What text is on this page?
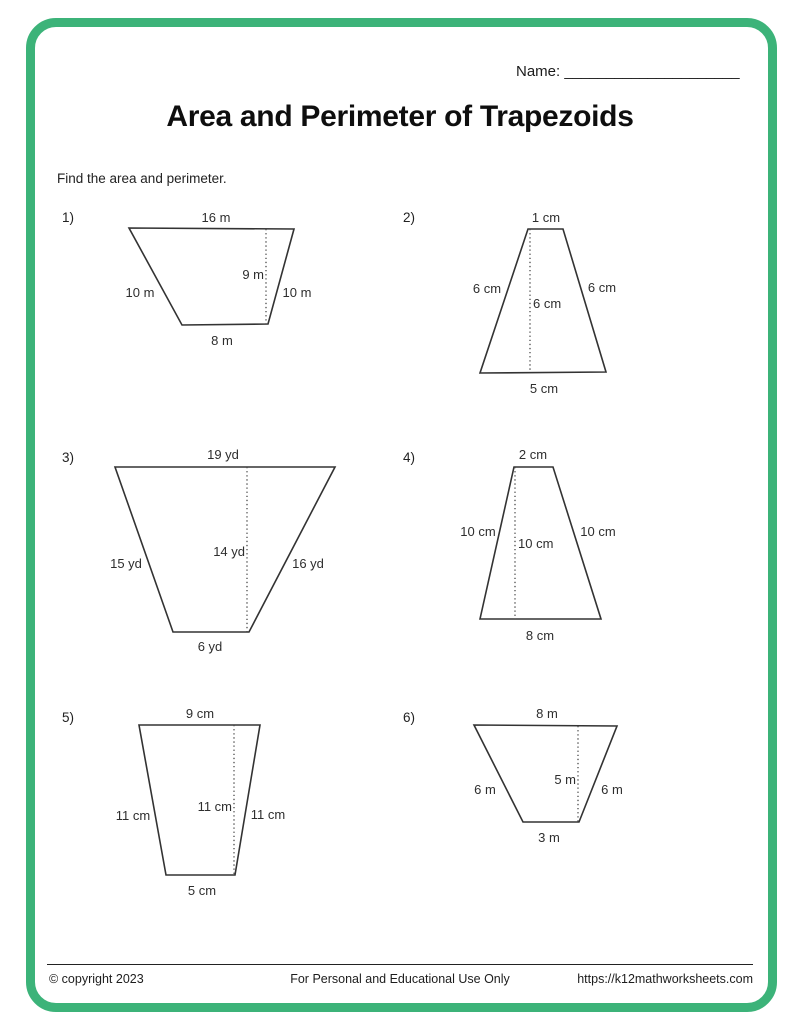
Name: _____________________
Area and Perimeter of Trapezoids
Find the area and perimeter.
1)	16 m
10 m
9 m
10 m
8 m
2)	1 cm
6 cm
6 cm
6 cm
5 cm
3)	19 yd
15 yd
14 yd
16 yd
6 yd
4)	2 cm
10 cm
10 cm
10 cm
8 cm
5)	9 cm
11 cm
11 cm
11 cm
5 cm
6)	8 m
6 m
5 m
6 m
3 m
For Personal and Educational Use Only
© copyright 2023	https://k12mathworksheets.com
